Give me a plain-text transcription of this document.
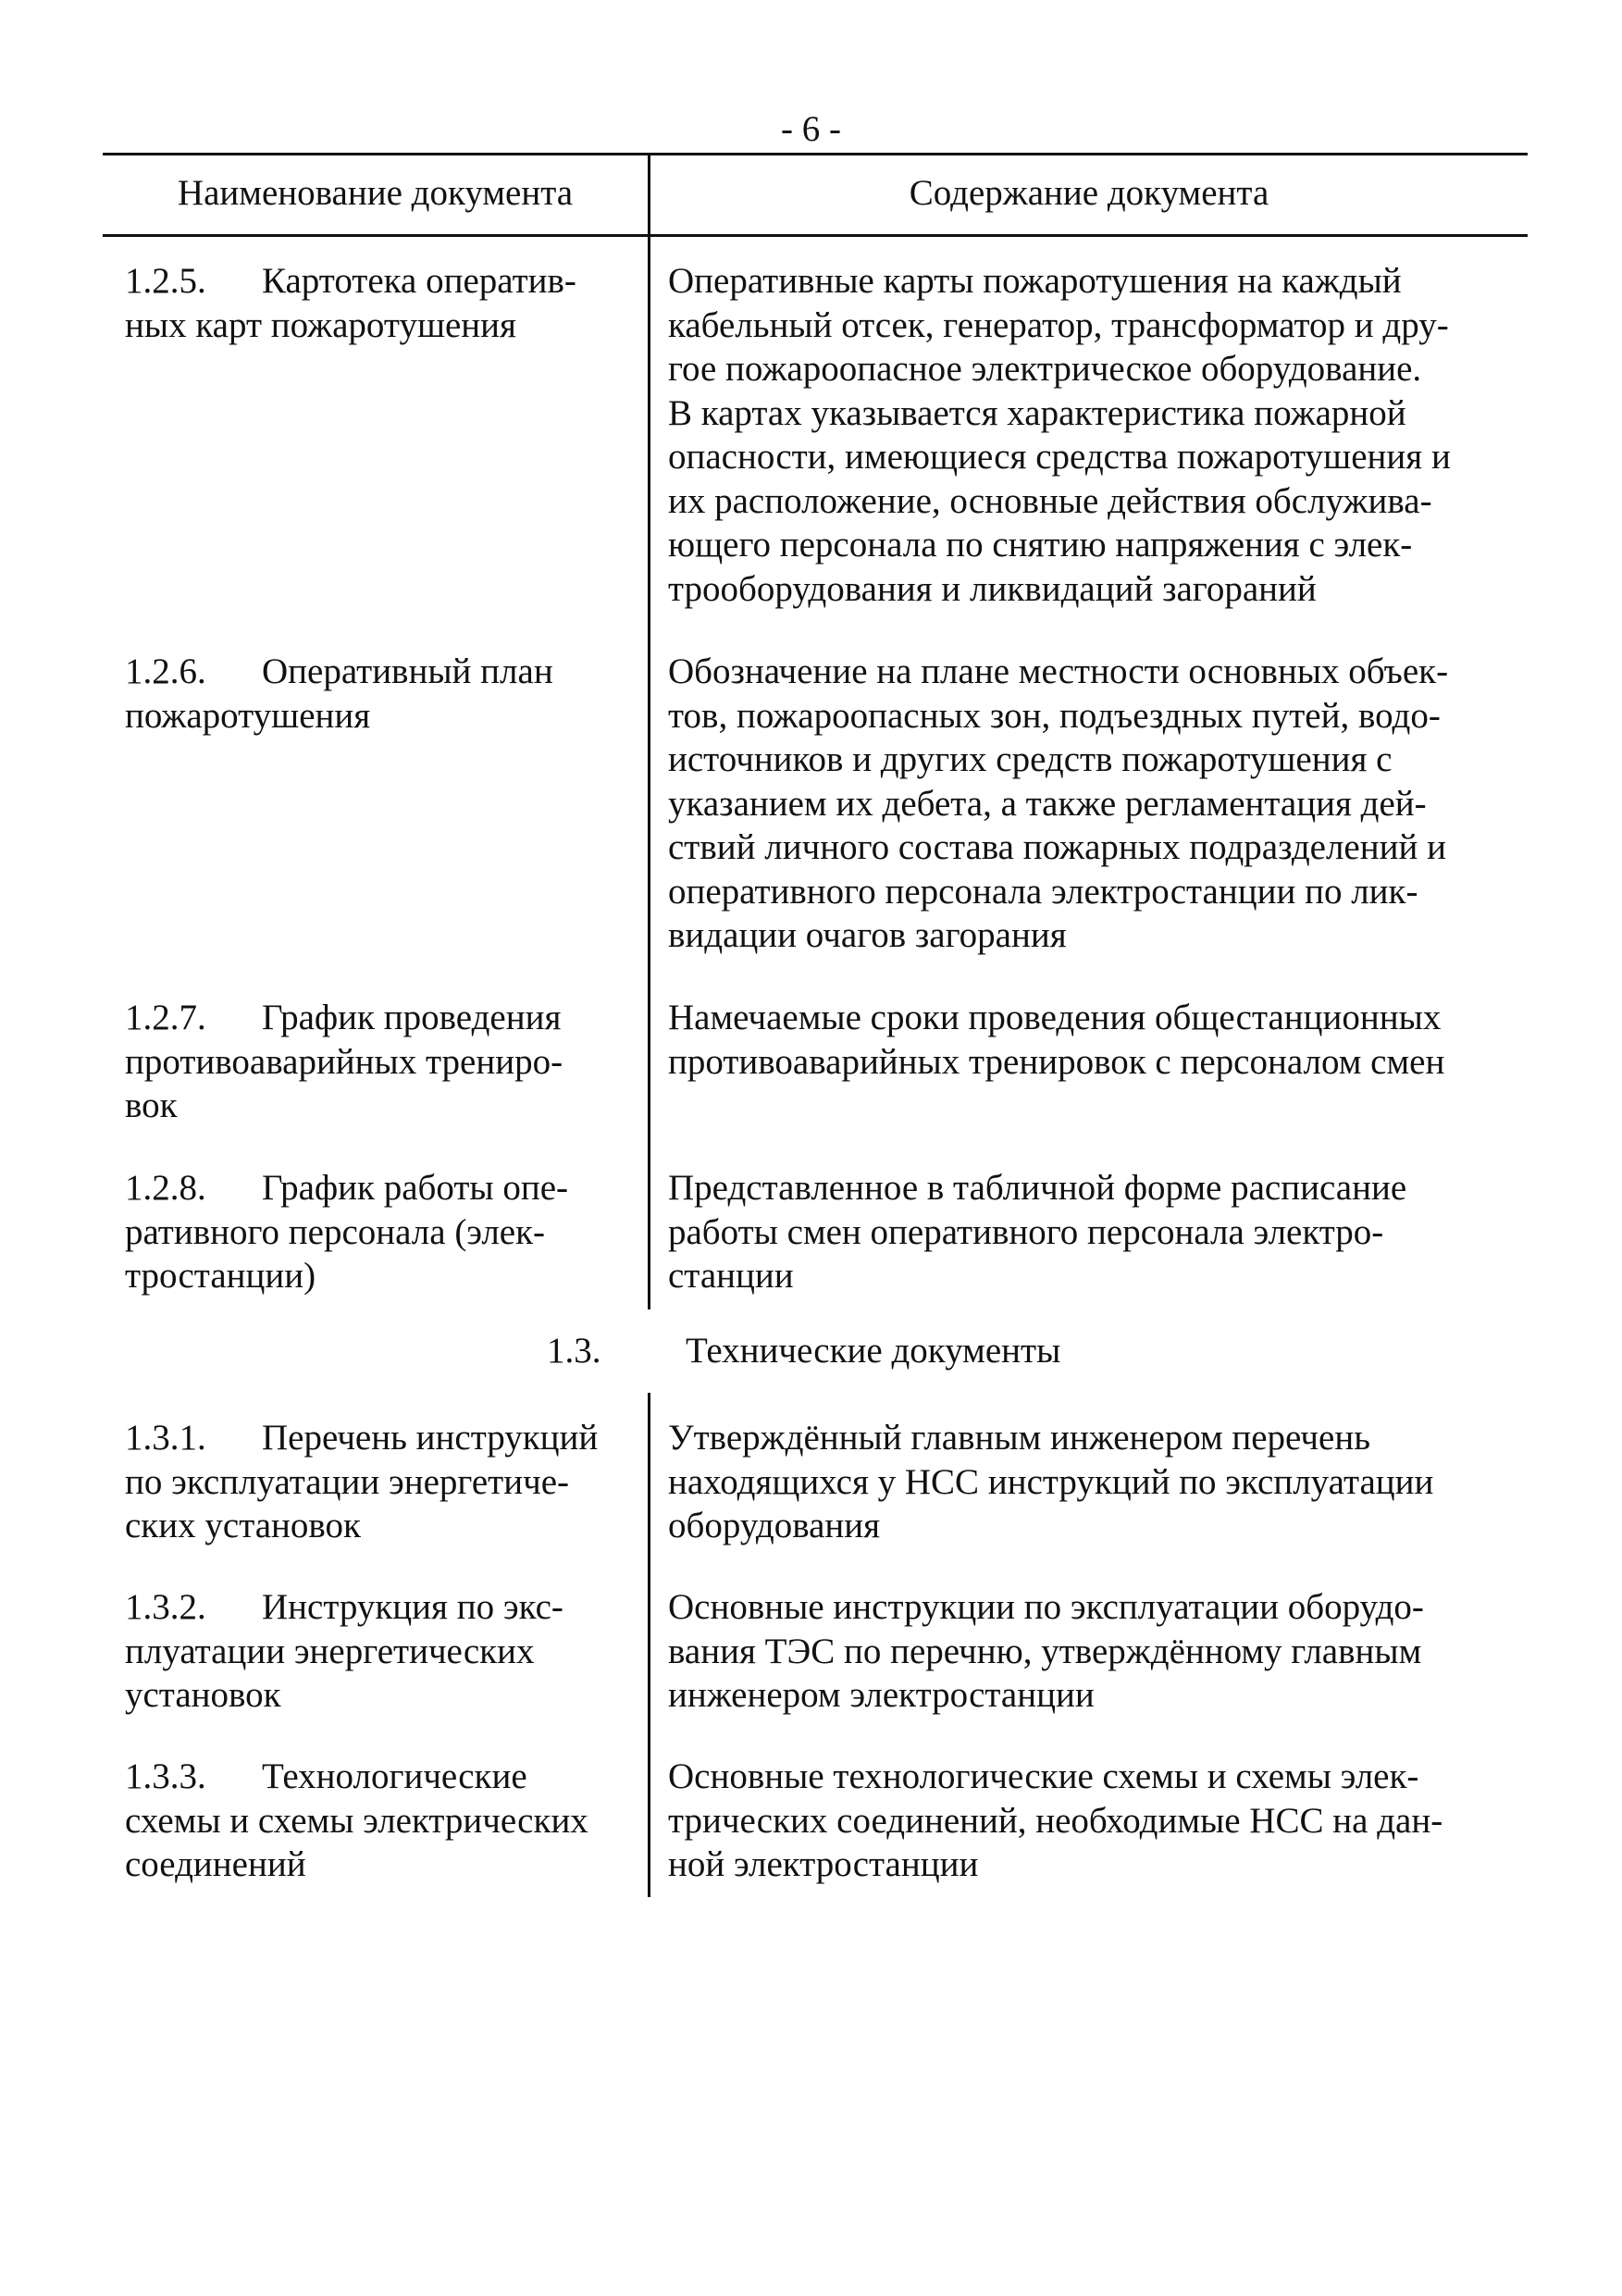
- 6 -
Наименование документа	Содержание документа
1.2.5. Картотека оператив-
ных карт пожаротушения
Оперативные карты пожаротушения на каждый
кабельный отсек, генератор, трансформатор и дру-
гое пожароопасное электрическое оборудование.
В картах указывается характеристика пожарной
опасности, имеющиеся средства пожаротушения и
их расположение, основные действия обслужива-
ющего персонала по снятию напряжения с элек-
трооборудования и ликвидаций загораний
1.2.6. Оперативный план
пожаротушения
Обозначение на плане местности основных объек-
тов, пожароопасных зон, подъездных путей, водо-
источников и других средств пожаротушения с
указанием их дебета, а также регламентация дей-
ствий личного состава пожарных подразделений и
оперативного персонала электростанции по лик-
видации очагов загорания
1.2.7. График проведения
противоаварийных трениро-
вок
Намечаемые сроки проведения общестанционных
противоаварийных тренировок с персоналом смен
1.2.8. График работы опе-
ративного персонала (элек-
тростанции)
Представленное в табличной форме расписание
работы смен оперативного персонала электро-
станции
1.3. Технические документы
1.3.1. Перечень инструкций
по эксплуатации энергетиче-
ских установок
Утверждённый главным инженером перечень
находящихся у НСС инструкций по эксплуатации
оборудования
1.3.2. Инструкция по экс-
плуатации энергетических
установок
Основные инструкции по эксплуатации оборудо-
вания ТЭС по перечню, утверждённому главным
инженером электростанции
1.3.3. Технологические
схемы и схемы электрических
соединений
Основные технологические схемы и схемы элек-
трических соединений, необходимые НСС на дан-
ной электростанции
